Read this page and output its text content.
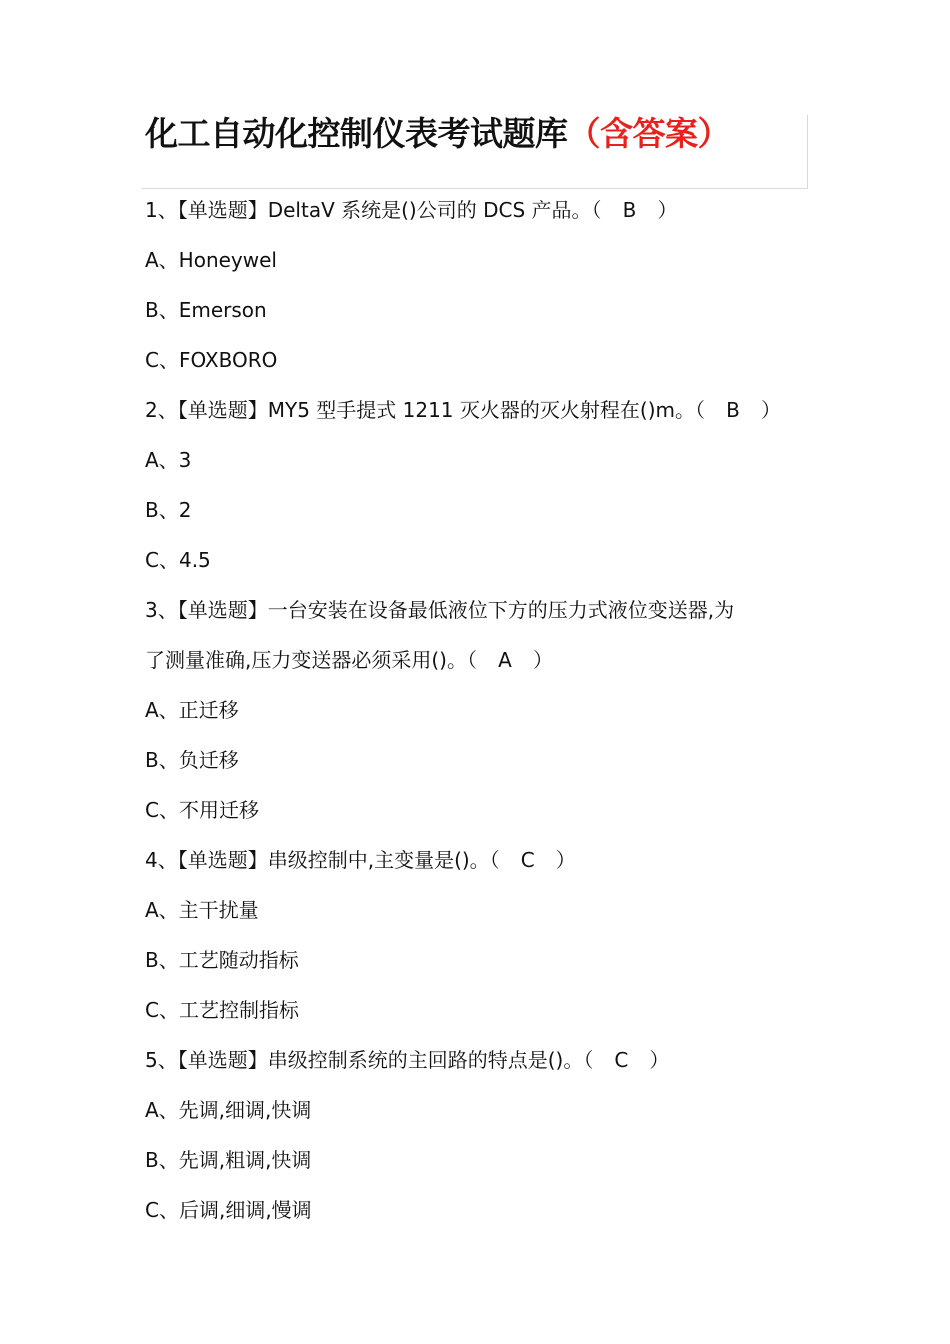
化工自动化控制仪表考试题库（含答案）
1、【单选题】DeltaV 系统是()公司的 DCS 产品。（ B ）
A、Honeywel
B、Emerson
C、FOXBORO
2、【单选题】MY5 型手提式 1211 灭火器的灭火射程在()m。（ B ）
A、3
B、2
C、4.5
3、【单选题】一台安装在设备最低液位下方的压力式液位变送器,为
了测量准确,压力变送器必须采用()。（ A ）
A、正迁移
B、负迁移
C、不用迁移
4、【单选题】串级控制中,主变量是()。（ C ）
A、主干扰量
B、工艺随动指标
C、工艺控制指标
5、【单选题】串级控制系统的主回路的特点是()。（ C ）
A、先调,细调,快调
B、先调,粗调,快调
C、后调,细调,慢调
